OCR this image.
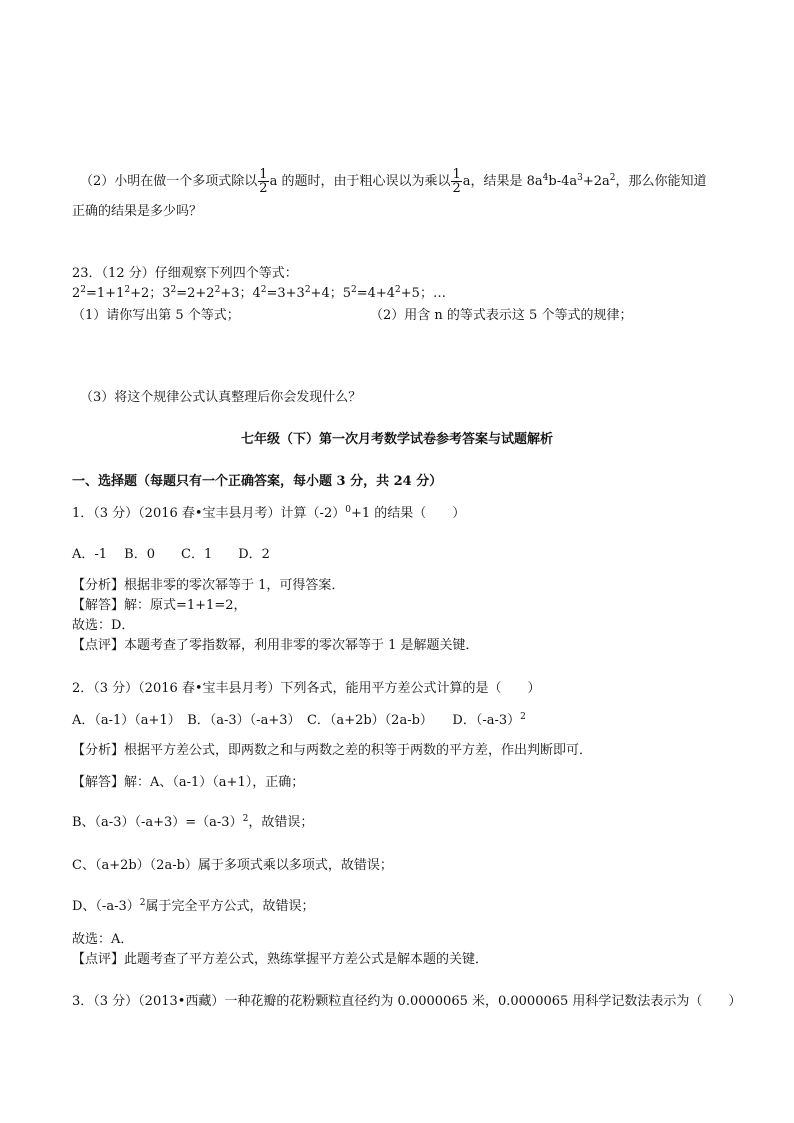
（2）小明在做一个多项式除以 $\frac{1}{2}$ a 的题时，由于粗心误以为乘以 $\frac{1}{2}$ a，结果是 $8a^4b-4a^3+2a^2$，那么你能知道
正确的结果是多少吗？
23．（12 分）仔细观察下列四个等式：
$2^2=1+1^2+2$；$3^2=2+2^2+3$；$4^2=3+3^2+4$；$5^2=4+4^2+5$；…
（1）请你写出第 5 个等式；	（2）用含 n 的等式表示这 5 个等式的规律；
（3）将这个规律公式认真整理后你会发现什么？
七年级（下）第一次月考数学试卷参考答案与试题解析
一、选择题（每题只有一个正确答案，每小题 3 分，共 24 分）
1．（3 分）（2016 春•宝丰县月考）计算$(-2)^0+1$ 的结果（　　）
A．-1　 B．0　　C．1　　D．2
【分析】根据非零的零次幂等于 1，可得答案．
【解答】解：原式=1+1=2，
故选：D．
【点评】本题考查了零指数幂，利用非零的零次幂等于 1 是解题关键．
2．（3 分）（2016 春•宝丰县月考）下列各式，能用平方差公式计算的是（　　）
A．（a-1）（a+1）　B．（a-3）（-a+3）　C．（a+2b）（2a-b）　　D．$(-a-3)^2$
【分析】根据平方差公式，即两数之和与两数之差的积等于两数的平方差，作出判断即可．
【解答】解：A、（a-1）（a+1），正确；
B、$(a-3)(-a+3)=(a-3)^2$，故错误；
C、（a+2b）（2a-b）属于多项式乘以多项式，故错误；
D、$(-a-3)^2$属于完全平方公式，故错误；
故选：A．
【点评】此题考查了平方差公式，熟练掌握平方差公式是解本题的关键．
3．（3 分）（2013•西藏）一种花瓣的花粉颗粒直径约为 0.0000065 米，0.0000065 用科学记数法表示为（　　）
